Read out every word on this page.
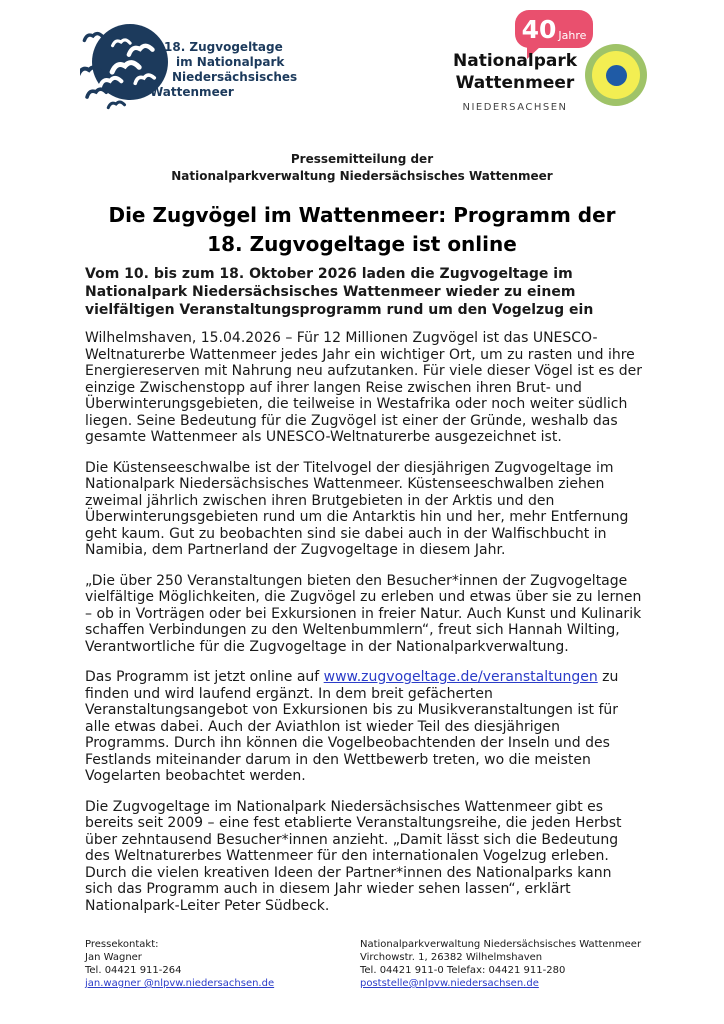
18. Zugvogeltage
im Nationalpark
Niedersächsisches
Wattenmeer
40 Jahre
Nationalpark
Wattenmeer
NIEDERSACHSEN
Pressemitteilung der
Nationalparkverwaltung Niedersächsisches Wattenmeer
Die Zugvögel im Wattenmeer: Programm der
18. Zugvogeltage ist online

Vom 10. bis zum 18. Oktober 2026 laden die Zugvogeltage im Nationalpark Niedersächsisches Wattenmeer wieder zu einem vielfältigen Veranstaltungsprogramm rund um den Vogelzug ein

Wilhelmshaven, 15.04.2026 – Für 12 Millionen Zugvögel ist das UNESCO-Weltnaturerbe Wattenmeer jedes Jahr ein wichtiger Ort, um zu rasten und ihre Energiereserven mit Nahrung neu aufzutanken. Für viele dieser Vögel ist es der einzige Zwischenstopp auf ihrer langen Reise zwischen ihren Brut- und Überwinterungsgebieten, die teilweise in Westafrika oder noch weiter südlich liegen. Seine Bedeutung für die Zugvögel ist einer der Gründe, weshalb das gesamte Wattenmeer als UNESCO-Weltnaturerbe ausgezeichnet ist.

Die Küstenseeschwalbe ist der Titelvogel der diesjährigen Zugvogeltage im Nationalpark Niedersächsisches Wattenmeer. Küstenseeschwalben ziehen zweimal jährlich zwischen ihren Brutgebieten in der Arktis und den Überwinterungsgebieten rund um die Antarktis hin und her, mehr Entfernung geht kaum. Gut zu beobachten sind sie dabei auch in der Walfischbucht in Namibia, dem Partnerland der Zugvogeltage in diesem Jahr.

„Die über 250 Veranstaltungen bieten den Besucher*innen der Zugvogeltage vielfältige Möglichkeiten, die Zugvögel zu erleben und etwas über sie zu lernen – ob in Vorträgen oder bei Exkursionen in freier Natur. Auch Kunst und Kulinarik schaffen Verbindungen zu den Weltenbummlern“, freut sich Hannah Wilting, Verantwortliche für die Zugvogeltage in der Nationalparkverwaltung.

Das Programm ist jetzt online auf www.zugvogeltage.de/veranstaltungen zu finden und wird laufend ergänzt. In dem breit gefächerten Veranstaltungsangebot von Exkursionen bis zu Musikveranstaltungen ist für alle etwas dabei. Auch der Aviathlon ist wieder Teil des diesjährigen Programms. Durch ihn können die Vogelbeobachtenden der Inseln und des Festlands miteinander darum in den Wettbewerb treten, wo die meisten Vogelarten beobachtet werden.

Die Zugvogeltage im Nationalpark Niedersächsisches Wattenmeer gibt es bereits seit 2009 – eine fest etablierte Veranstaltungsreihe, die jeden Herbst über zehntausend Besucher*innen anzieht. „Damit lässt sich die Bedeutung des Weltnaturerbes Wattenmeer für den internationalen Vogelzug erleben. Durch die vielen kreativen Ideen der Partner*innen des Nationalparks kann sich das Programm auch in diesem Jahr wieder sehen lassen“, erklärt Nationalpark-Leiter Peter Südbeck.

Pressekontakt:
Jan Wagner
Tel. 04421 911-264
jan.wagner @nlpvw.niedersachsen.de
Nationalparkverwaltung Niedersächsisches Wattenmeer
Virchowstr. 1, 26382 Wilhelmshaven
Tel. 04421 911-0 Telefax: 04421 911-280
poststelle@nlpvw.niedersachsen.de
